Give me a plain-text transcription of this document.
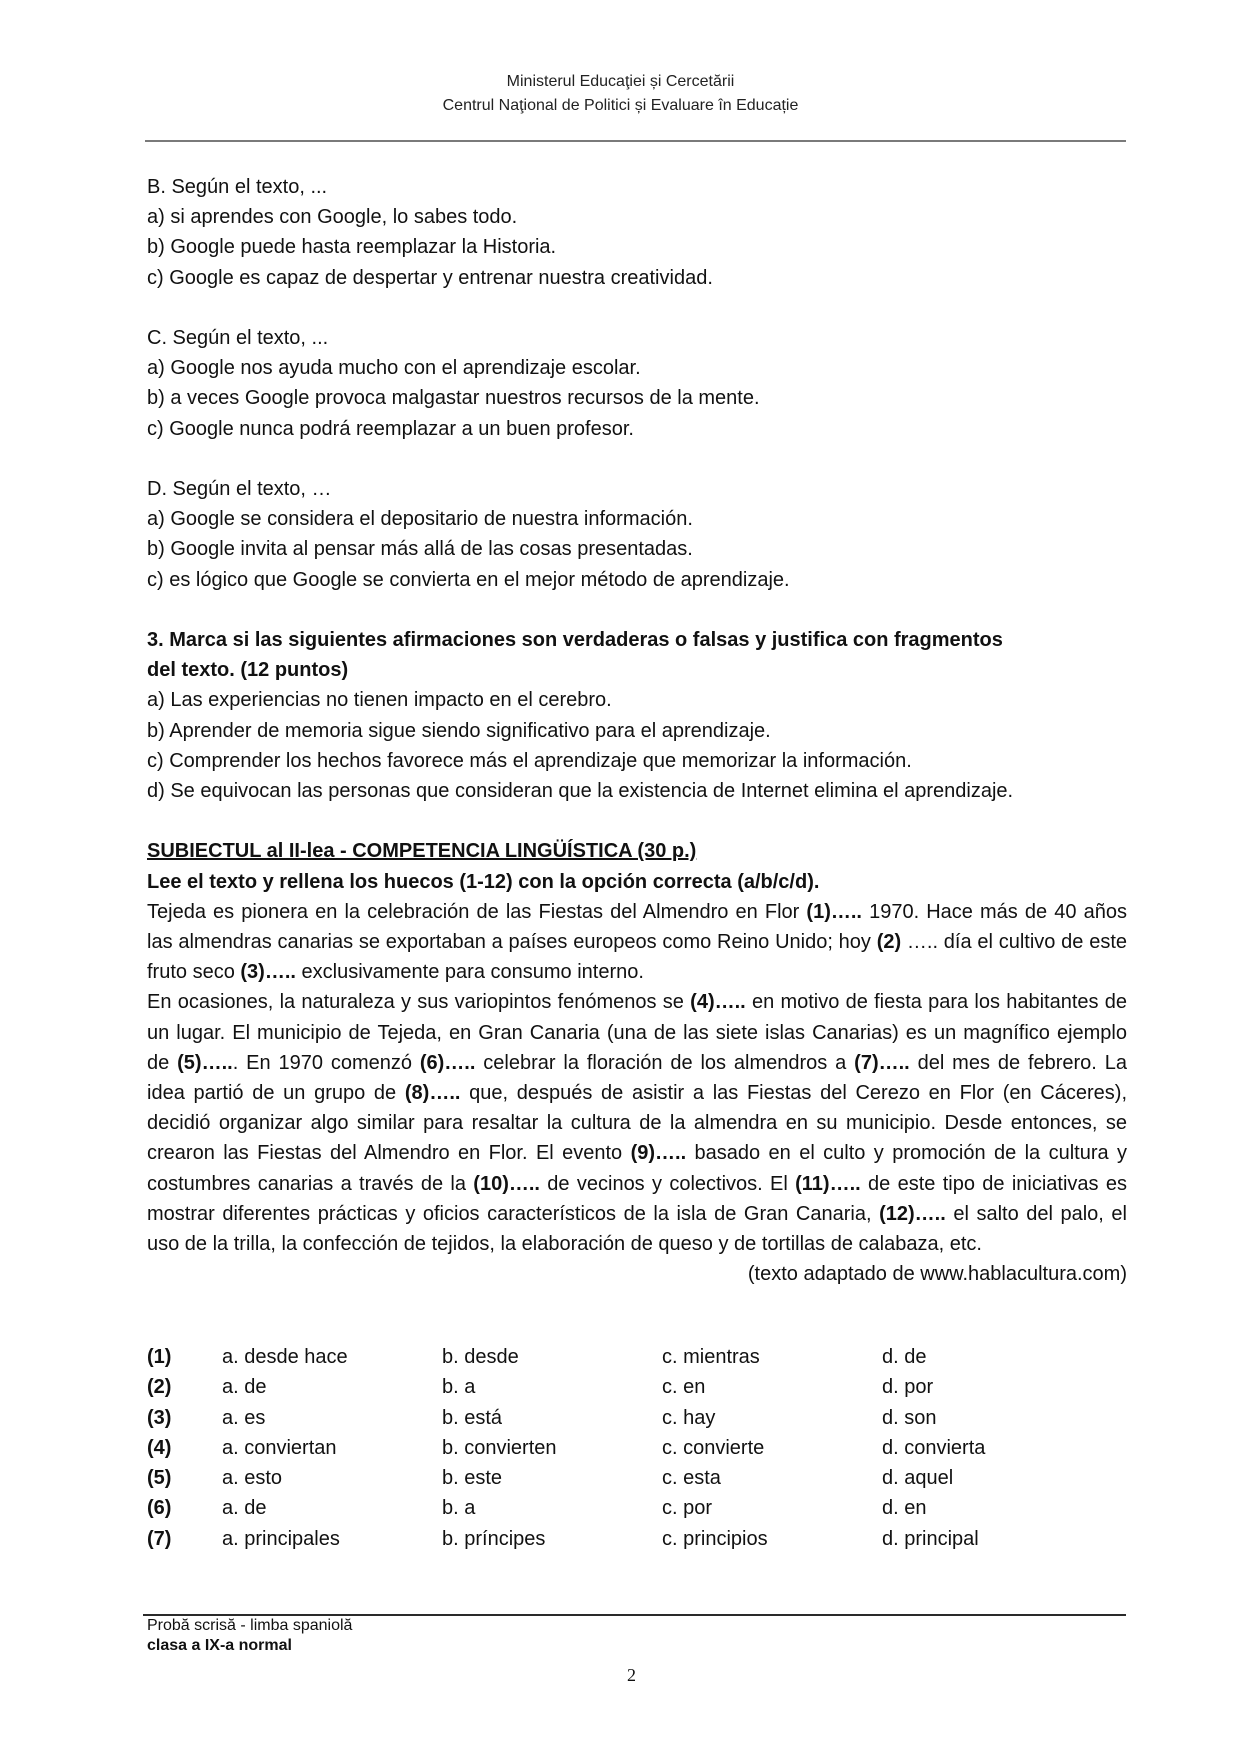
Ministerul Educaţiei și Cercetării
Centrul Naţional de Politici și Evaluare în Educație
B. Según el texto, ...
a) si aprendes con Google, lo sabes todo.
b) Google puede hasta reemplazar la Historia.
c) Google es capaz de despertar y entrenar nuestra creatividad.
C. Según el texto, ...
a) Google nos ayuda mucho con el aprendizaje escolar.
b) a veces Google provoca malgastar nuestros recursos de la mente.
c) Google nunca podrá reemplazar a un buen profesor.
D. Según el texto, …
a) Google se considera el depositario de nuestra información.
b) Google invita al pensar más allá de las cosas presentadas.
c) es lógico que Google se convierta en el mejor método de aprendizaje.
3. Marca si las siguientes afirmaciones son verdaderas o falsas y justifica con fragmentos
del texto. (12 puntos)
a) Las experiencias no tienen impacto en el cerebro.
b) Aprender de memoria sigue siendo significativo para el aprendizaje.
c) Comprender los hechos favorece más el aprendizaje que memorizar la información.
d) Se equivocan las personas que consideran que la existencia de Internet elimina el aprendizaje.
SUBIECTUL al II-lea - COMPETENCIA LINGÜÍSTICA (30 p.)
Lee el texto y rellena los huecos (1-12) con la opción correcta (a/b/c/d).
Tejeda es pionera en la celebración de las Fiestas del Almendro en Flor (1)….. 1970. Hace más de 40 años las almendras canarias se exportaban a países europeos como Reino Unido; hoy (2) ….. día el cultivo de este fruto seco (3)….. exclusivamente para consumo interno.
En ocasiones, la naturaleza y sus variopintos fenómenos se (4)….. en motivo de fiesta para los habitantes de un lugar. El municipio de Tejeda, en Gran Canaria (una de las siete islas Canarias) es un magnífico ejemplo de (5)…... En 1970 comenzó (6)….. celebrar la floración de los almendros a (7)….. del mes de febrero. La idea partió de un grupo de (8)….. que, después de asistir a las Fiestas del Cerezo en Flor (en Cáceres), decidió organizar algo similar para resaltar la cultura de la almendra en su municipio. Desde entonces, se crearon las Fiestas del Almendro en Flor. El evento (9)….. basado en el culto y promoción de la cultura y costumbres canarias a través de la (10)….. de vecinos y colectivos. El (11)….. de este tipo de iniciativas es mostrar diferentes prácticas y oficios característicos de la isla de Gran Canaria, (12)….. el salto del palo, el uso de la trilla, la confección de tejidos, la elaboración de queso y de tortillas de calabaza, etc.
(texto adaptado de www.hablacultura.com)
(1)	a. desde hace	b. desde	c. mientras	d. de
(2)	a. de	b. a	c. en	d. por
(3)	a. es	b. está	c. hay	d. son
(4)	a. conviertan	b. convierten	c. convierte	d. convierta
(5)	a. esto	b. este	c. esta	d. aquel
(6)	a. de	b. a	c. por	d. en
(7)	a. principales	b. príncipes	c. principios	d. principal
Probă scrisă - limba spaniolă
clasa a IX-a normal
2
